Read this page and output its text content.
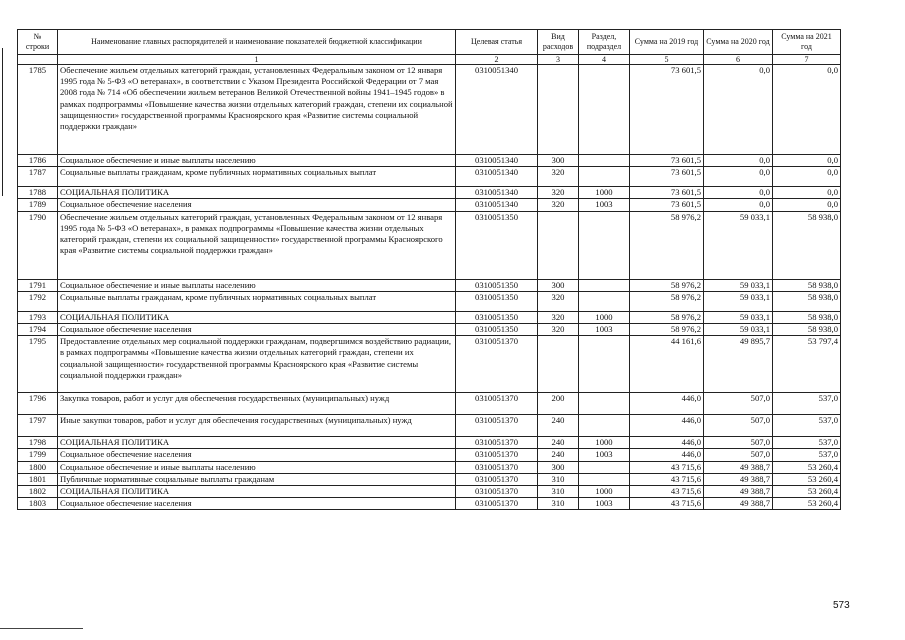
№
строки	Наименование главных распорядителей и наименование показателей бюджетной классификации	Целевая статья	Вид расходов	Раздел, подраздел	Сумма на 2019 год	Сумма на 2020 год	Сумма на 2021 год
	1	2	3	4	5	6	7
1785	Обеспечение жильем отдельных категорий граждан, установленных Федеральным законом от 12 января 1995 года № 5-ФЗ «О ветеранах», в соответствии с Указом Президента Российской Федерации от 7 мая 2008 года № 714 «Об обеспечении жильем ветеранов Великой Отечественной войны 1941–1945 годов» в рамках подпрограммы «Повышение качества жизни отдельных категорий граждан, степени их социальной защищенности» государственной программы Красноярского края «Развитие системы социальной поддержки граждан»	0310051340			73 601,5	0,0	0,0
1786	Социальное обеспечение и иные выплаты населению	0310051340	300		73 601,5	0,0	0,0
1787	Социальные выплаты гражданам, кроме публичных нормативных социальных выплат	0310051340	320		73 601,5	0,0	0,0
1788	СОЦИАЛЬНАЯ ПОЛИТИКА	0310051340	320	1000	73 601,5	0,0	0,0
1789	Социальное обеспечение населения	0310051340	320	1003	73 601,5	0,0	0,0
1790	Обеспечение жильем отдельных категорий граждан, установленных Федеральным законом от 12 января 1995 года № 5-ФЗ «О ветеранах», в рамках подпрограммы «Повышение качества жизни отдельных категорий граждан, степени их социальной защищенности» государственной программы Красноярского края «Развитие системы социальной поддержки граждан»	0310051350			58 976,2	59 033,1	58 938,0
1791	Социальное обеспечение и иные выплаты населению	0310051350	300		58 976,2	59 033,1	58 938,0
1792	Социальные выплаты гражданам, кроме публичных нормативных социальных выплат	0310051350	320		58 976,2	59 033,1	58 938,0
1793	СОЦИАЛЬНАЯ ПОЛИТИКА	0310051350	320	1000	58 976,2	59 033,1	58 938,0
1794	Социальное обеспечение населения	0310051350	320	1003	58 976,2	59 033,1	58 938,0
1795	Предоставление отдельных мер социальной поддержки гражданам, подвергшимся воздействию радиации, в рамках подпрограммы «Повышение качества жизни отдельных категорий граждан, степени их социальной защищенности» государственной программы Красноярского края «Развитие системы социальной поддержки граждан»	0310051370			44 161,6	49 895,7	53 797,4
1796	Закупка товаров, работ и услуг для обеспечения государственных (муниципальных) нужд	0310051370	200		446,0	507,0	537,0
1797	Иные закупки товаров, работ и услуг для обеспечения государственных (муниципальных) нужд	0310051370	240		446,0	507,0	537,0
1798	СОЦИАЛЬНАЯ ПОЛИТИКА	0310051370	240	1000	446,0	507,0	537,0
1799	Социальное обеспечение населения	0310051370	240	1003	446,0	507,0	537,0
1800	Социальное обеспечение и иные выплаты населению	0310051370	300		43 715,6	49 388,7	53 260,4
1801	Публичные нормативные социальные выплаты гражданам	0310051370	310		43 715,6	49 388,7	53 260,4
1802	СОЦИАЛЬНАЯ ПОЛИТИКА	0310051370	310	1000	43 715,6	49 388,7	53 260,4
1803	Социальное обеспечение населения	0310051370	310	1003	43 715,6	49 388,7	53 260,4
573
